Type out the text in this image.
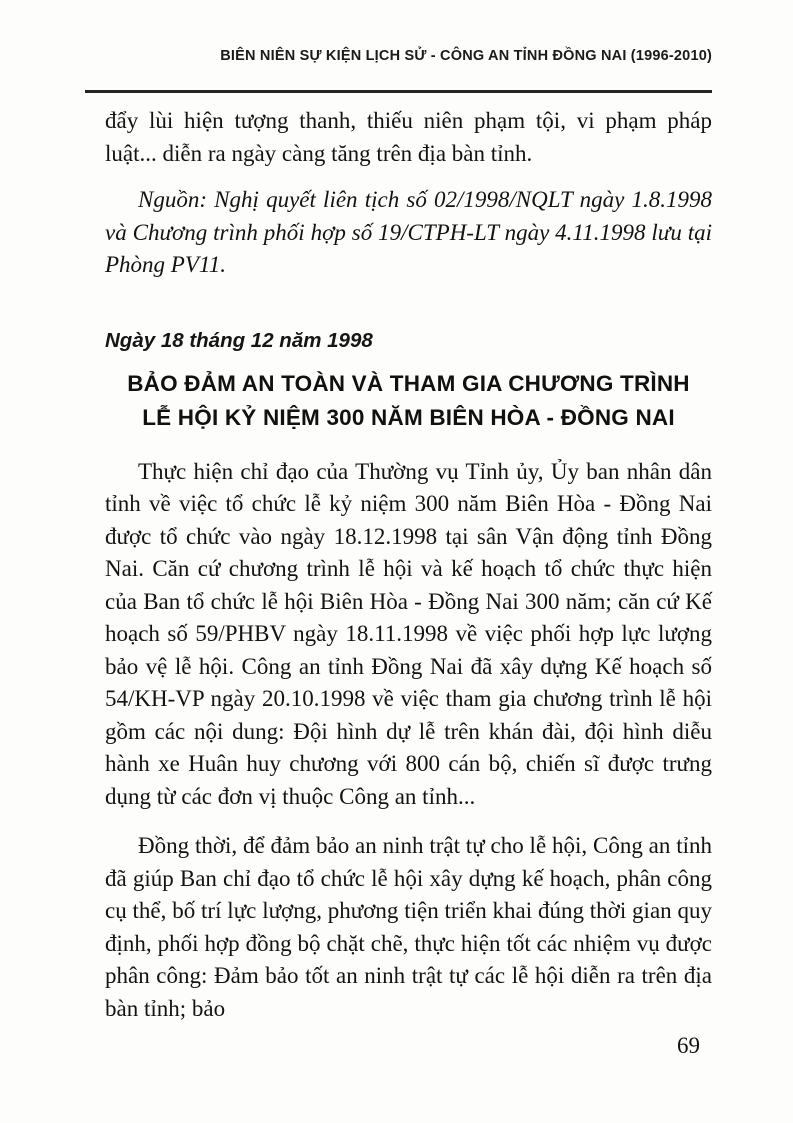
BIÊN NIÊN SỰ KIỆN LỊCH SỬ - CÔNG AN TỈNH ĐỒNG NAI (1996-2010)

đẩy lùi hiện tượng thanh, thiếu niên phạm tội, vi phạm pháp luật... diễn ra ngày càng tăng trên địa bàn tỉnh.

Nguồn: Nghị quyết liên tịch số 02/1998/NQLT ngày 1.8.1998 và Chương trình phối hợp số 19/CTPH-LT ngày 4.11.1998 lưu tại Phòng PV11.

Ngày 18 tháng 12 năm 1998
BẢO ĐẢM AN TOÀN VÀ THAM GIA CHƯƠNG TRÌNH
LỄ HỘI KỶ NIỆM 300 NĂM BIÊN HÒA - ĐỒNG NAI

Thực hiện chỉ đạo của Thường vụ Tỉnh ủy, Ủy ban nhân dân tỉnh về việc tổ chức lễ kỷ niệm 300 năm Biên Hòa - Đồng Nai được tổ chức vào ngày 18.12.1998 tại sân Vận động tỉnh Đồng Nai. Căn cứ chương trình lễ hội và kế hoạch tổ chức thực hiện của Ban tổ chức lễ hội Biên Hòa - Đồng Nai 300 năm; căn cứ Kế hoạch số 59/PHBV ngày 18.11.1998 về việc phối hợp lực lượng bảo vệ lễ hội. Công an tỉnh Đồng Nai đã xây dựng Kế hoạch số 54/KH-VP ngày 20.10.1998 về việc tham gia chương trình lễ hội gồm các nội dung: Đội hình dự lễ trên khán đài, đội hình diễu hành xe Huân huy chương với 800 cán bộ, chiến sĩ được trưng dụng từ các đơn vị thuộc Công an tỉnh...

Đồng thời, để đảm bảo an ninh trật tự cho lễ hội, Công an tỉnh đã giúp Ban chỉ đạo tổ chức lễ hội xây dựng kế hoạch, phân công cụ thể, bố trí lực lượng, phương tiện triển khai đúng thời gian quy định, phối hợp đồng bộ chặt chẽ, thực hiện tốt các nhiệm vụ được phân công: Đảm bảo tốt an ninh trật tự các lễ hội diễn ra trên địa bàn tỉnh; bảo

69
